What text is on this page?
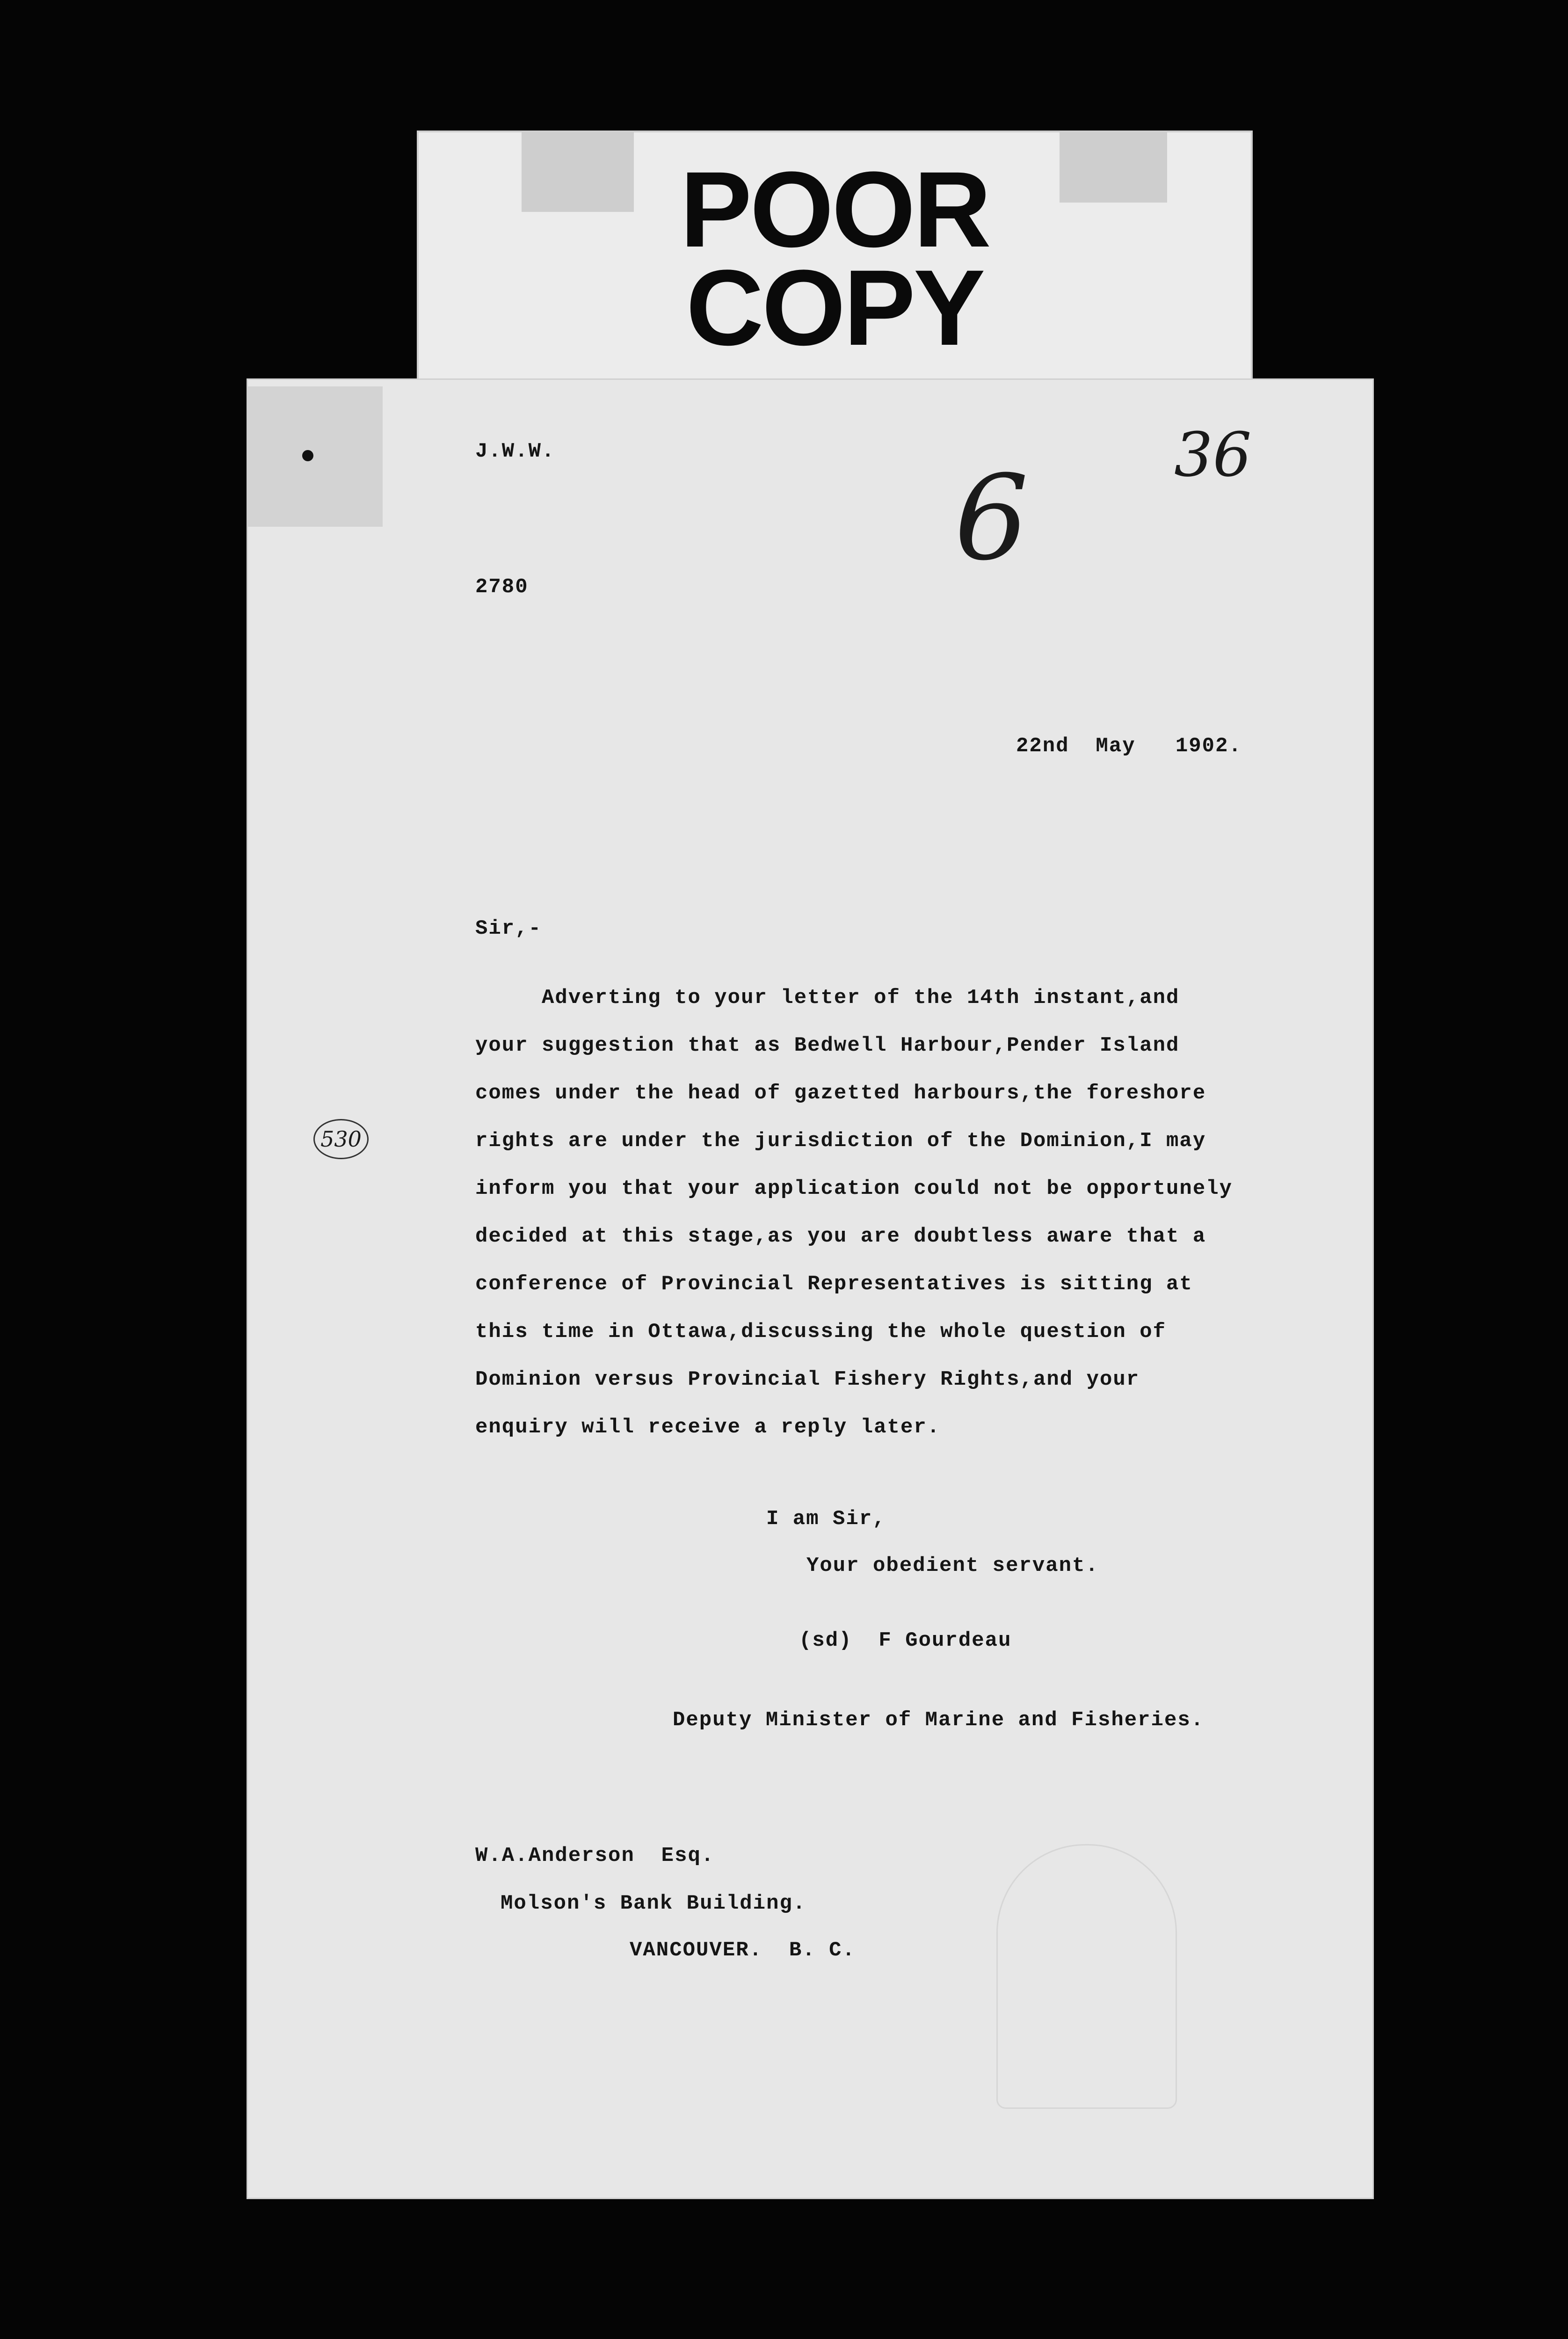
POOR
COPY
J.W.W.
2780
22nd  May   1902.
36
6
530
Sir,-
Adverting to your letter of the 14th instant,and
your suggestion that as Bedwell Harbour,Pender Island
comes under the head of gazetted harbours,the foreshore
rights are under the jurisdiction of the Dominion,I may
inform you that your application could not be opportunely
decided at this stage,as you are doubtless aware that a
conference of Provincial Representatives is sitting at
this time in Ottawa,discussing the whole question of
Dominion versus Provincial Fishery Rights,and your
enquiry will receive a reply later.
I am Sir,
Your obedient servant.
(sd)  F Gourdeau
Deputy Minister of Marine and Fisheries.
W.A.Anderson  Esq.
Molson's Bank Building.
VANCOUVER.  B. C.
